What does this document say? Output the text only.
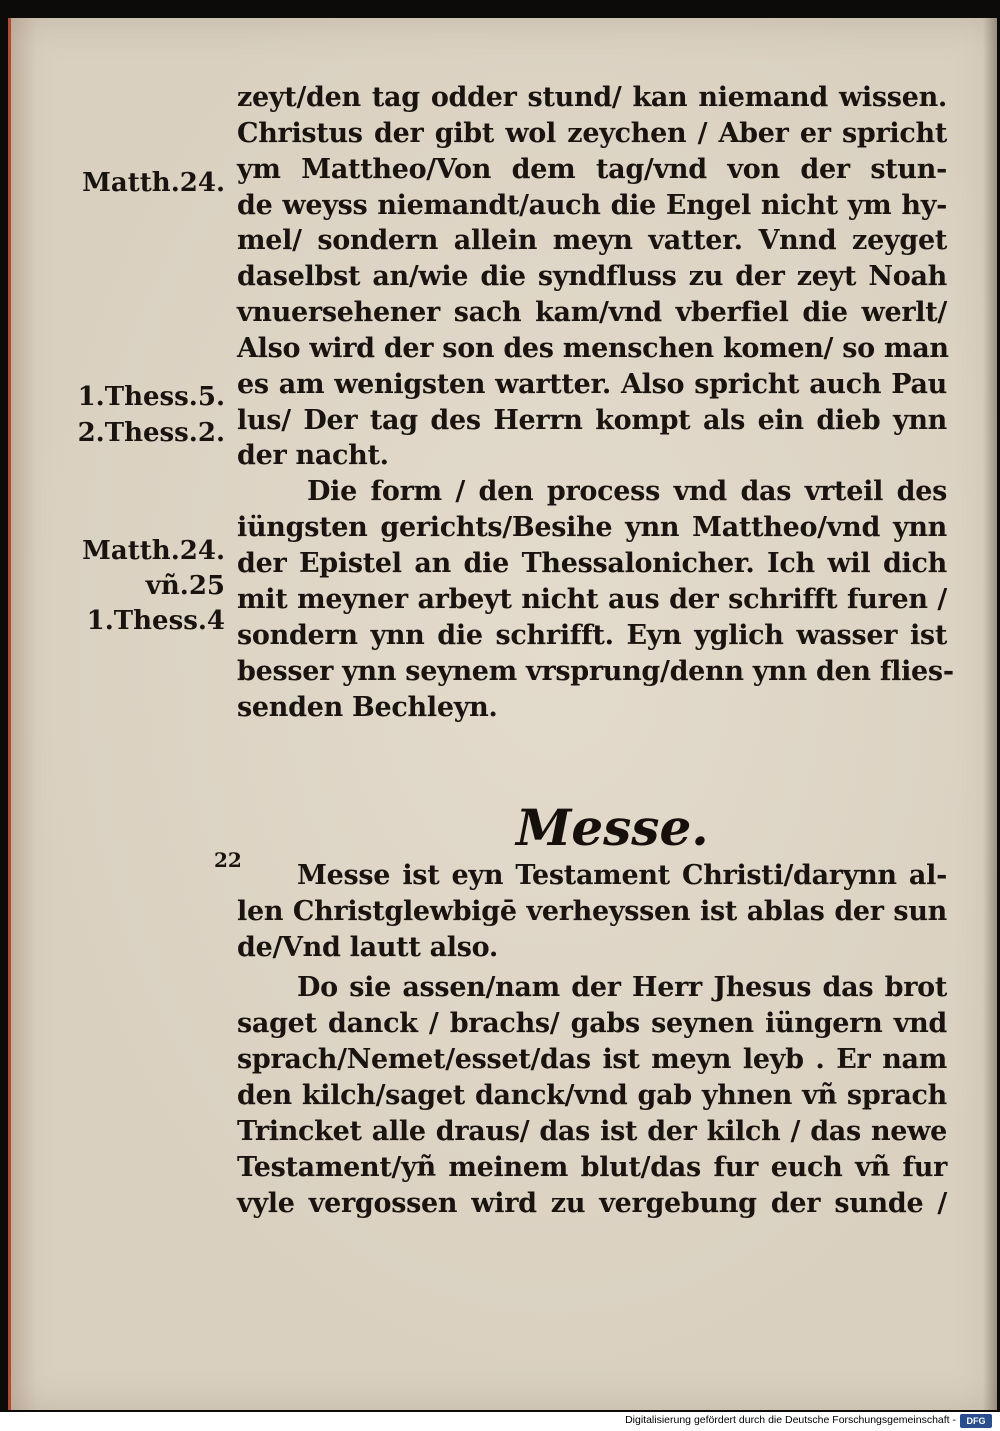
Matth.24.
1.Thess.5.
2.Thess.2.
Matth.24.
vñ.25
1.Thess.4
zeyt/den tag odder stund/ kan niemand wissen.
Christus der gibt wol zeychen / Aber er spricht
ym Mattheo/Von dem tag/vnd von der stun-
de weyss niemandt/auch die Engel nicht ym hy-
mel/ sondern allein meyn vatter. Vnnd zeyget
daselbst an/wie die syndfluss zu der zeyt Noah
vnuersehener sach kam/vnd vberfiel die werlt/
Also wird der son des menschen komen/ so man
es am wenigsten wartter. Also spricht auch Pau
lus/ Der tag des Herrn kompt als ein dieb ynn
der nacht.
Die form / den process vnd das vrteil des
iüngsten gerichts/Besihe ynn Mattheo/vnd ynn
der Epistel an die Thessalonicher. Ich wil dich
mit meyner arbeyt nicht aus der schrifft furen /
sondern ynn die schrifft. Eyn yglich wasser ist
besser ynn seynem vrsprung/denn ynn den flies-
senden Bechleyn.
Messe.
22 Messe ist eyn Testament Christi/darynn al-
len Christglewbigē verheyssen ist ablas der sun
de/Vnd lautt also.
Do sie assen/nam der Herr Jhesus das brot
saget danck / brachs/ gabs seynen iüngern vnd
sprach/Nemet/esset/das ist meyn leyb . Er nam
den kilch/saget danck/vnd gab yhnen vñ sprach
Trincket alle draus/ das ist der kilch / das newe
Testament/yñ meinem blut/das fur euch vñ fur
vyle vergossen wird zu vergebung der sunde /
Digitalisierung gefördert durch die Deutsche Forschungsgemeinschaft -	DFG
